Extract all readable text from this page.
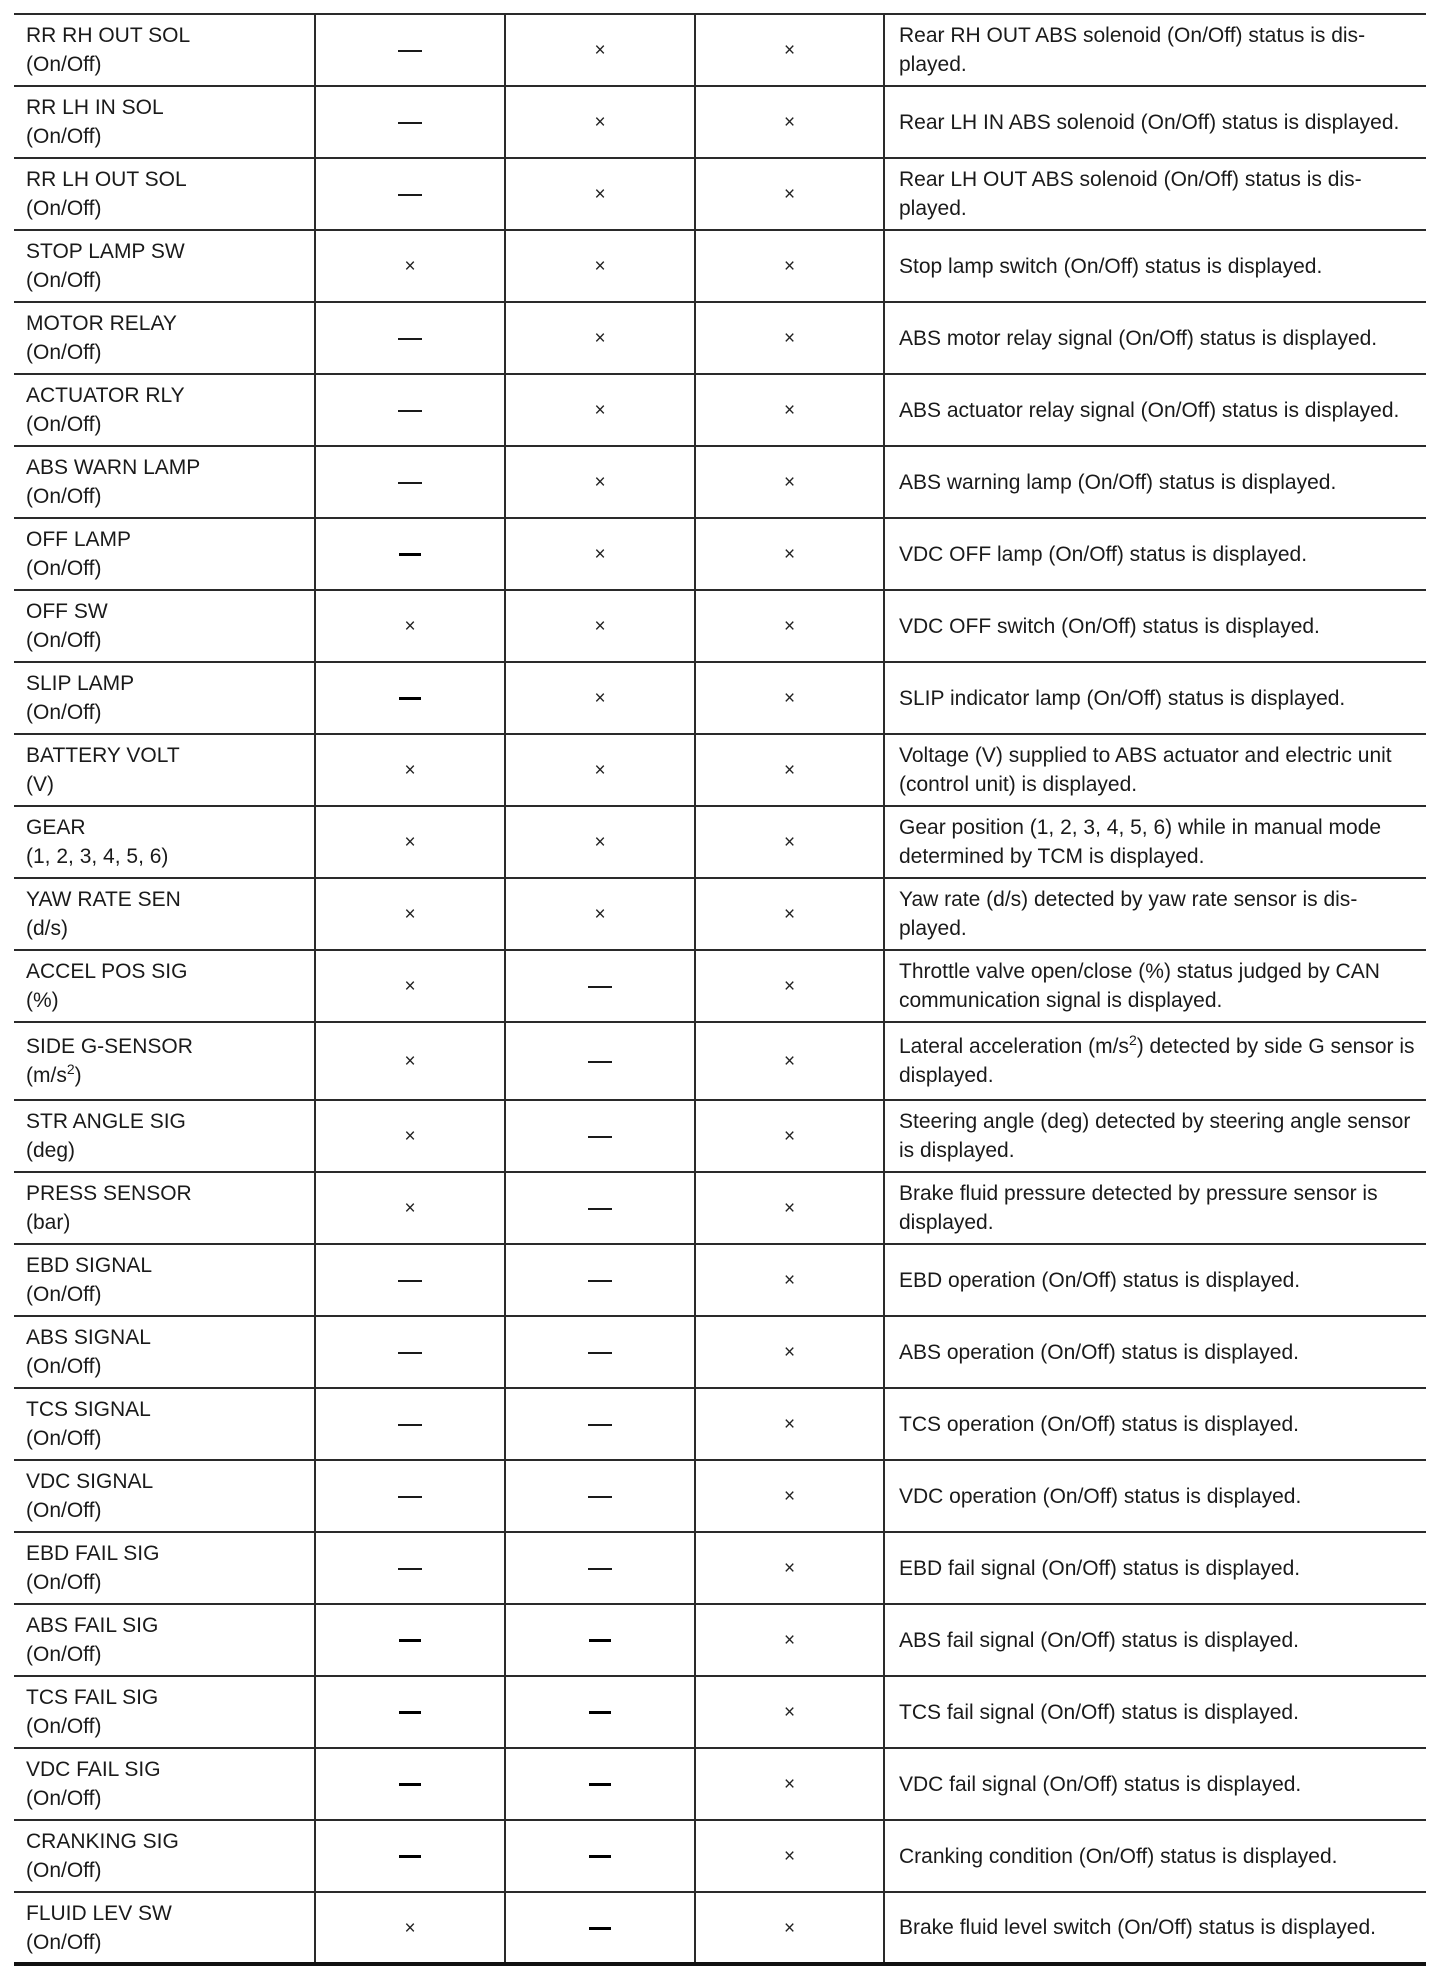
RR RH OUT SOL
(On/Off)		×	×	Rear RH OUT ABS solenoid (On/Off) status is displayed.

RR LH IN SOL
(On/Off)		×	×	Rear LH IN ABS solenoid (On/Off) status is displayed.

RR LH OUT SOL
(On/Off)		×	×	Rear LH OUT ABS solenoid (On/Off) status is displayed.

STOP LAMP SW
(On/Off)	×	×	×	Stop lamp switch (On/Off) status is displayed.

MOTOR RELAY
(On/Off)		×	×	ABS motor relay signal (On/Off) status is displayed.

ACTUATOR RLY
(On/Off)		×	×	ABS actuator relay signal (On/Off) status is displayed.

ABS WARN LAMP
(On/Off)		×	×	ABS warning lamp (On/Off) status is displayed.

OFF LAMP
(On/Off)		×	×	VDC OFF lamp (On/Off) status is displayed.

OFF SW
(On/Off)	×	×	×	VDC OFF switch (On/Off) status is displayed.

SLIP LAMP
(On/Off)		×	×	SLIP indicator lamp (On/Off) status is displayed.

BATTERY VOLT
(V)	×	×	×	Voltage (V) supplied to ABS actuator and electric unit (control unit) is displayed.

GEAR
(1, 2, 3, 4, 5, 6)	×	×	×	Gear position (1, 2, 3, 4, 5, 6) while in manual mode determined by TCM is displayed.

YAW RATE SEN
(d/s)	×	×	×	Yaw rate (d/s) detected by yaw rate sensor is displayed.

ACCEL POS SIG
(%)	×		×	Throttle valve open/close (%) status judged by CAN communication signal is displayed.

SIDE G-SENSOR
$(m/s^2)$	×		×	Lateral acceleration $(m/s^2)$ detected by side G sensor is displayed.

STR ANGLE SIG
(deg)	×		×	Steering angle (deg) detected by steering angle sensor is displayed.

PRESS SENSOR
(bar)	×		×	Brake fluid pressure detected by pressure sensor is displayed.

EBD SIGNAL
(On/Off)			×	EBD operation (On/Off) status is displayed.

ABS SIGNAL
(On/Off)			×	ABS operation (On/Off) status is displayed.

TCS SIGNAL
(On/Off)			×	TCS operation (On/Off) status is displayed.

VDC SIGNAL
(On/Off)			×	VDC operation (On/Off) status is displayed.

EBD FAIL SIG
(On/Off)			×	EBD fail signal (On/Off) status is displayed.

ABS FAIL SIG
(On/Off)			×	ABS fail signal (On/Off) status is displayed.

TCS FAIL SIG
(On/Off)			×	TCS fail signal (On/Off) status is displayed.

VDC FAIL SIG
(On/Off)			×	VDC fail signal (On/Off) status is displayed.

CRANKING SIG
(On/Off)			×	Cranking condition (On/Off) status is displayed.

FLUID LEV SW
(On/Off)	×		×	Brake fluid level switch (On/Off) status is displayed.
